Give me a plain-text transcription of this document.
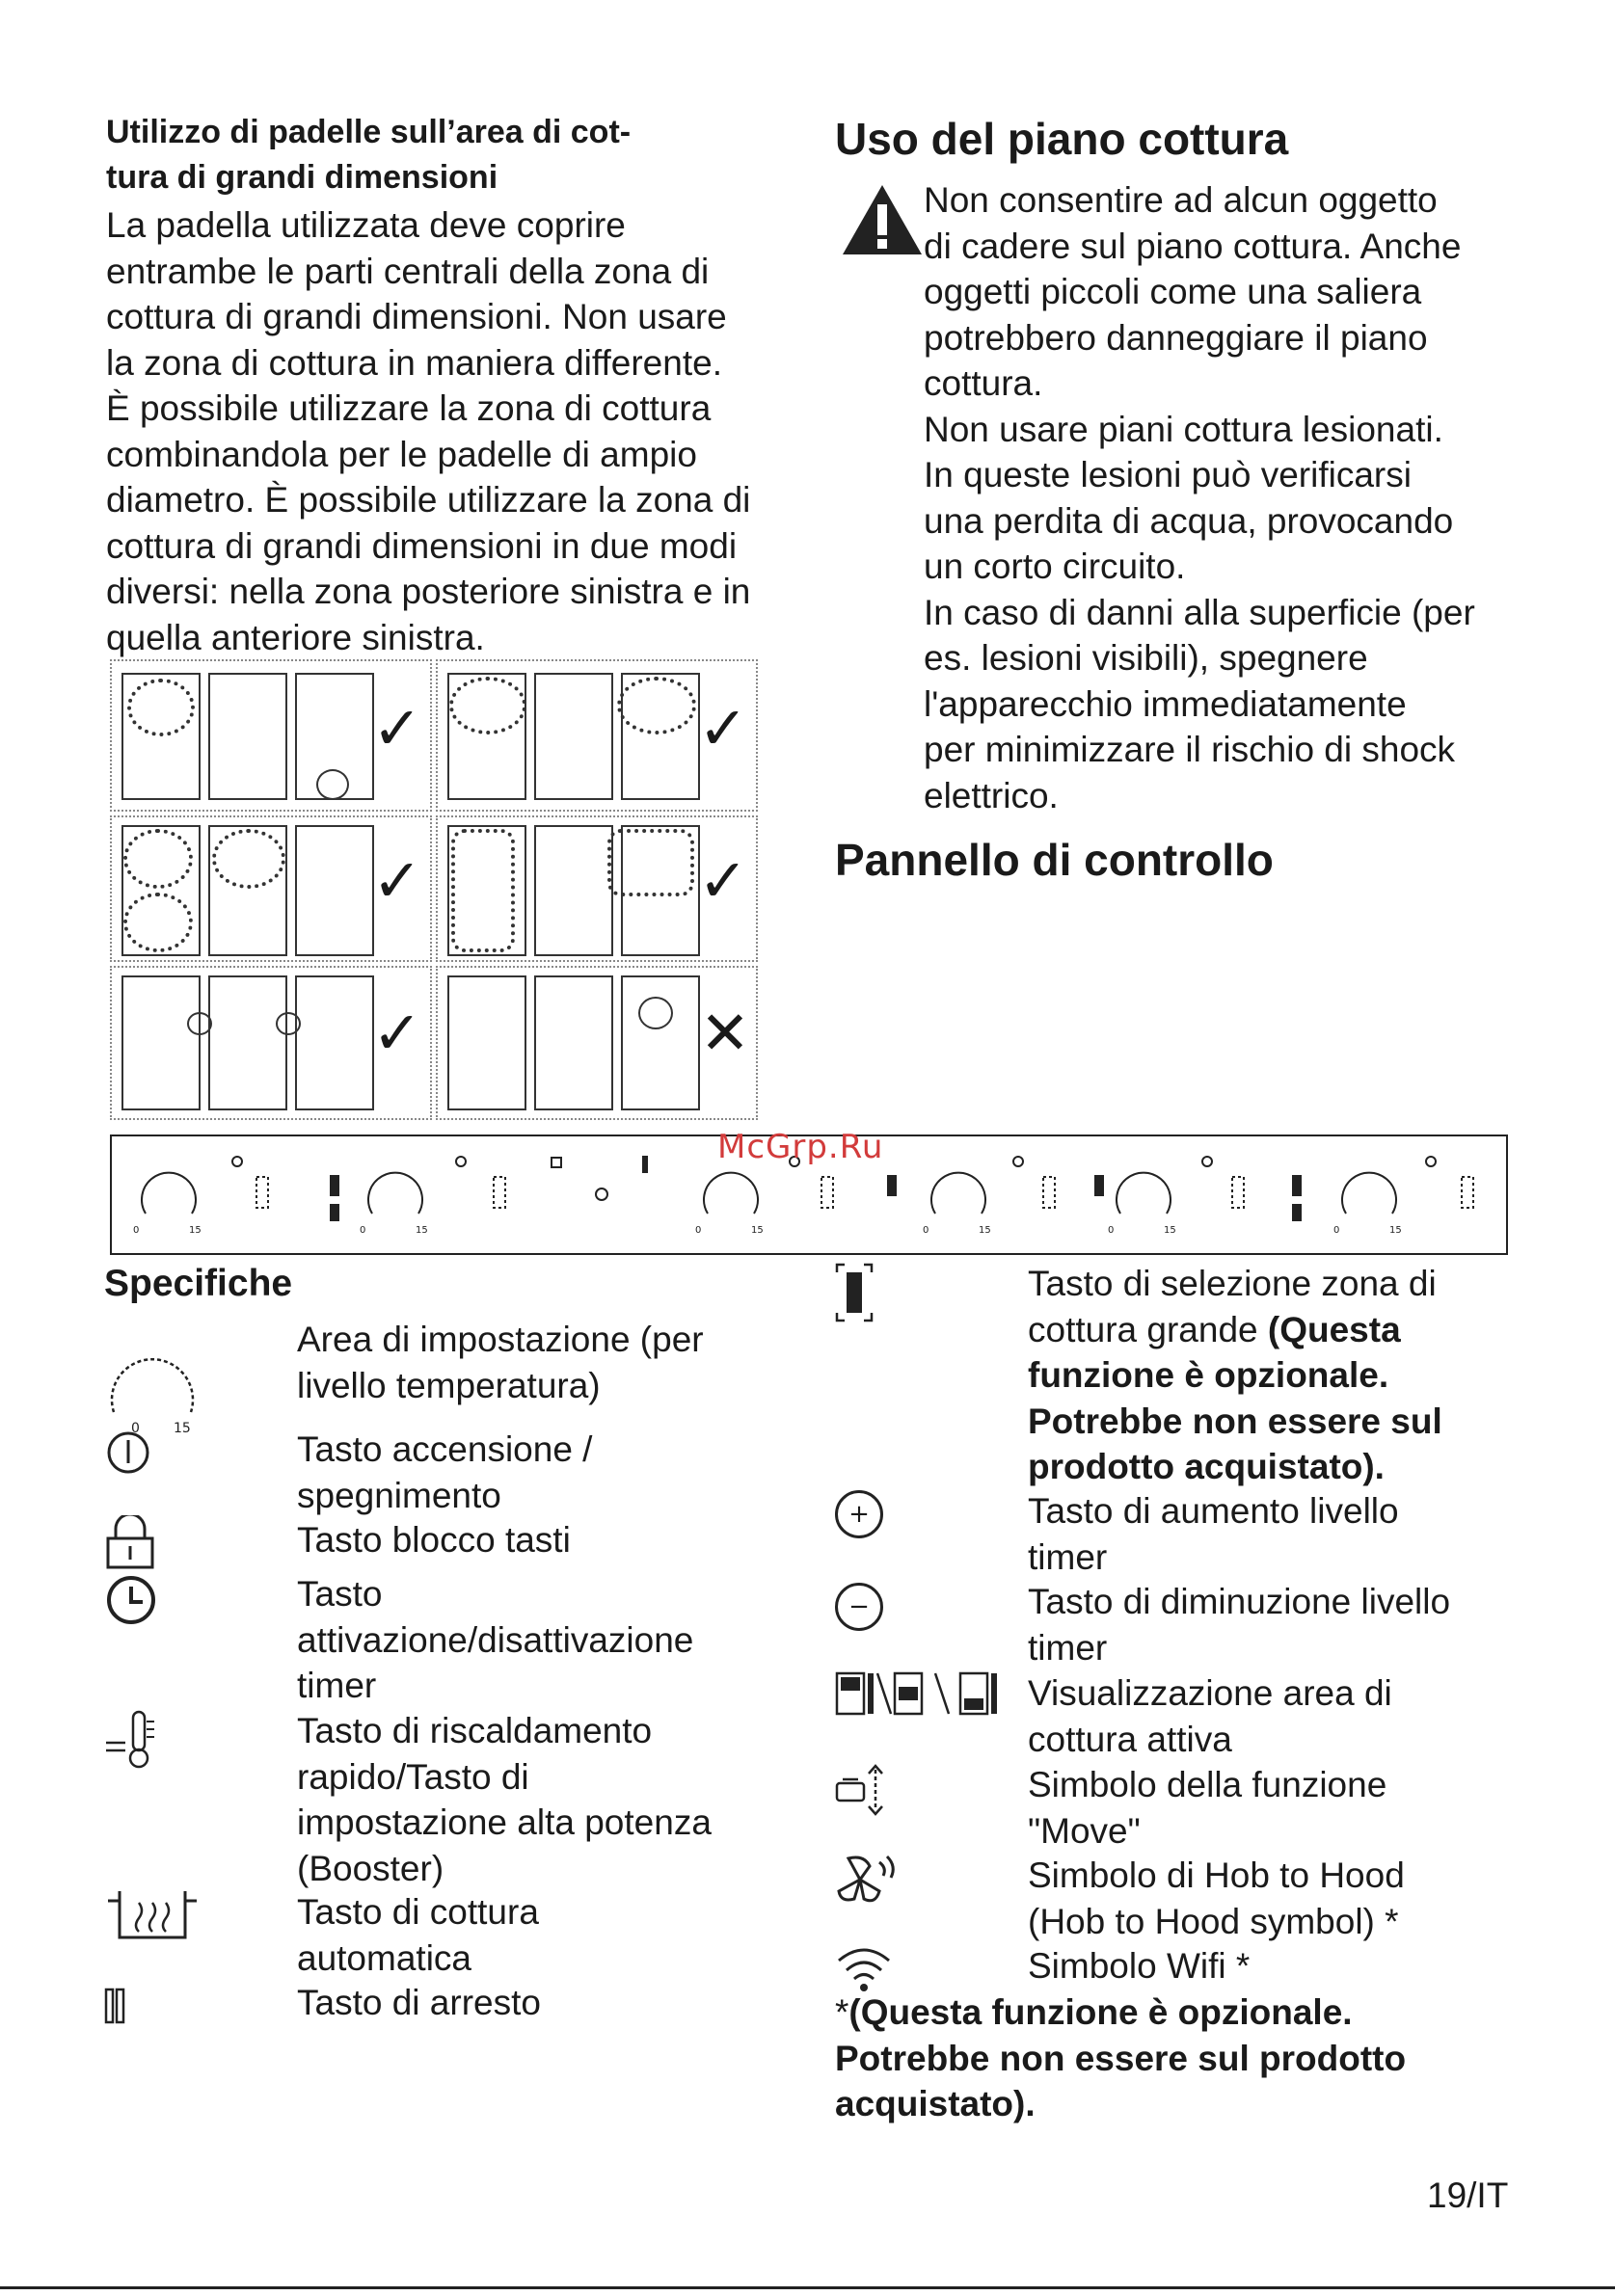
Utilizzo di padelle sull’area di cot-
tura di grandi dimensioni
La padella utilizzata deve coprire
entrambe le parti centrali della zona di
cottura di grandi dimensioni. Non usare
la zona di cottura in maniera differente.
È possibile utilizzare la zona di cottura
combinandola per le padelle di ampio
diametro. È possibile utilizzare la zona di
cottura di grandi dimensioni in due modi
diversi: nella zona posteriore sinistra e in
quella anteriore sinistra.
✓	✓
✓	✓
✓	✕
Uso del piano cottura
Non consentire ad alcun oggetto
di cadere sul piano cottura. Anche
oggetti piccoli come una saliera
potrebbero danneggiare il piano
cottura.
Non usare piani cottura lesionati.
In queste lesioni può verificarsi
una perdita di acqua, provocando
un corto circuito.
In caso di danni alla superficie (per
es. lesioni visibili), spegnere
l'apparecchio immediatamente
per minimizzare il rischio di shock
elettrico.
Pannello di controllo
0	15	0	15	0	15	0	15	0	15	0	15
McGrp.Ru
Specifiche
0	15
Area di impostazione (per
livello temperatura)
Tasto accensione /
spegnimento
Tasto blocco tasti
Tasto
attivazione/disattivazione
timer
Tasto di riscaldamento
rapido/Tasto di
impostazione alta potenza
(Booster)
Tasto di cottura
automatica
Tasto di arresto
Tasto di selezione zona di
cottura grande (Questa
funzione è opzionale.
Potrebbe non essere sul
prodotto acquistato).
+	Tasto di aumento livello
timer
−	Tasto di diminuzione livello
timer
Visualizzazione area di
cottura attiva
Simbolo della funzione
"Move"
Simbolo di Hob to Hood
(Hob to Hood symbol) *
Simbolo Wifi *
*(Questa funzione è opzionale.
Potrebbe non essere sul prodotto
acquistato).
19/IT
